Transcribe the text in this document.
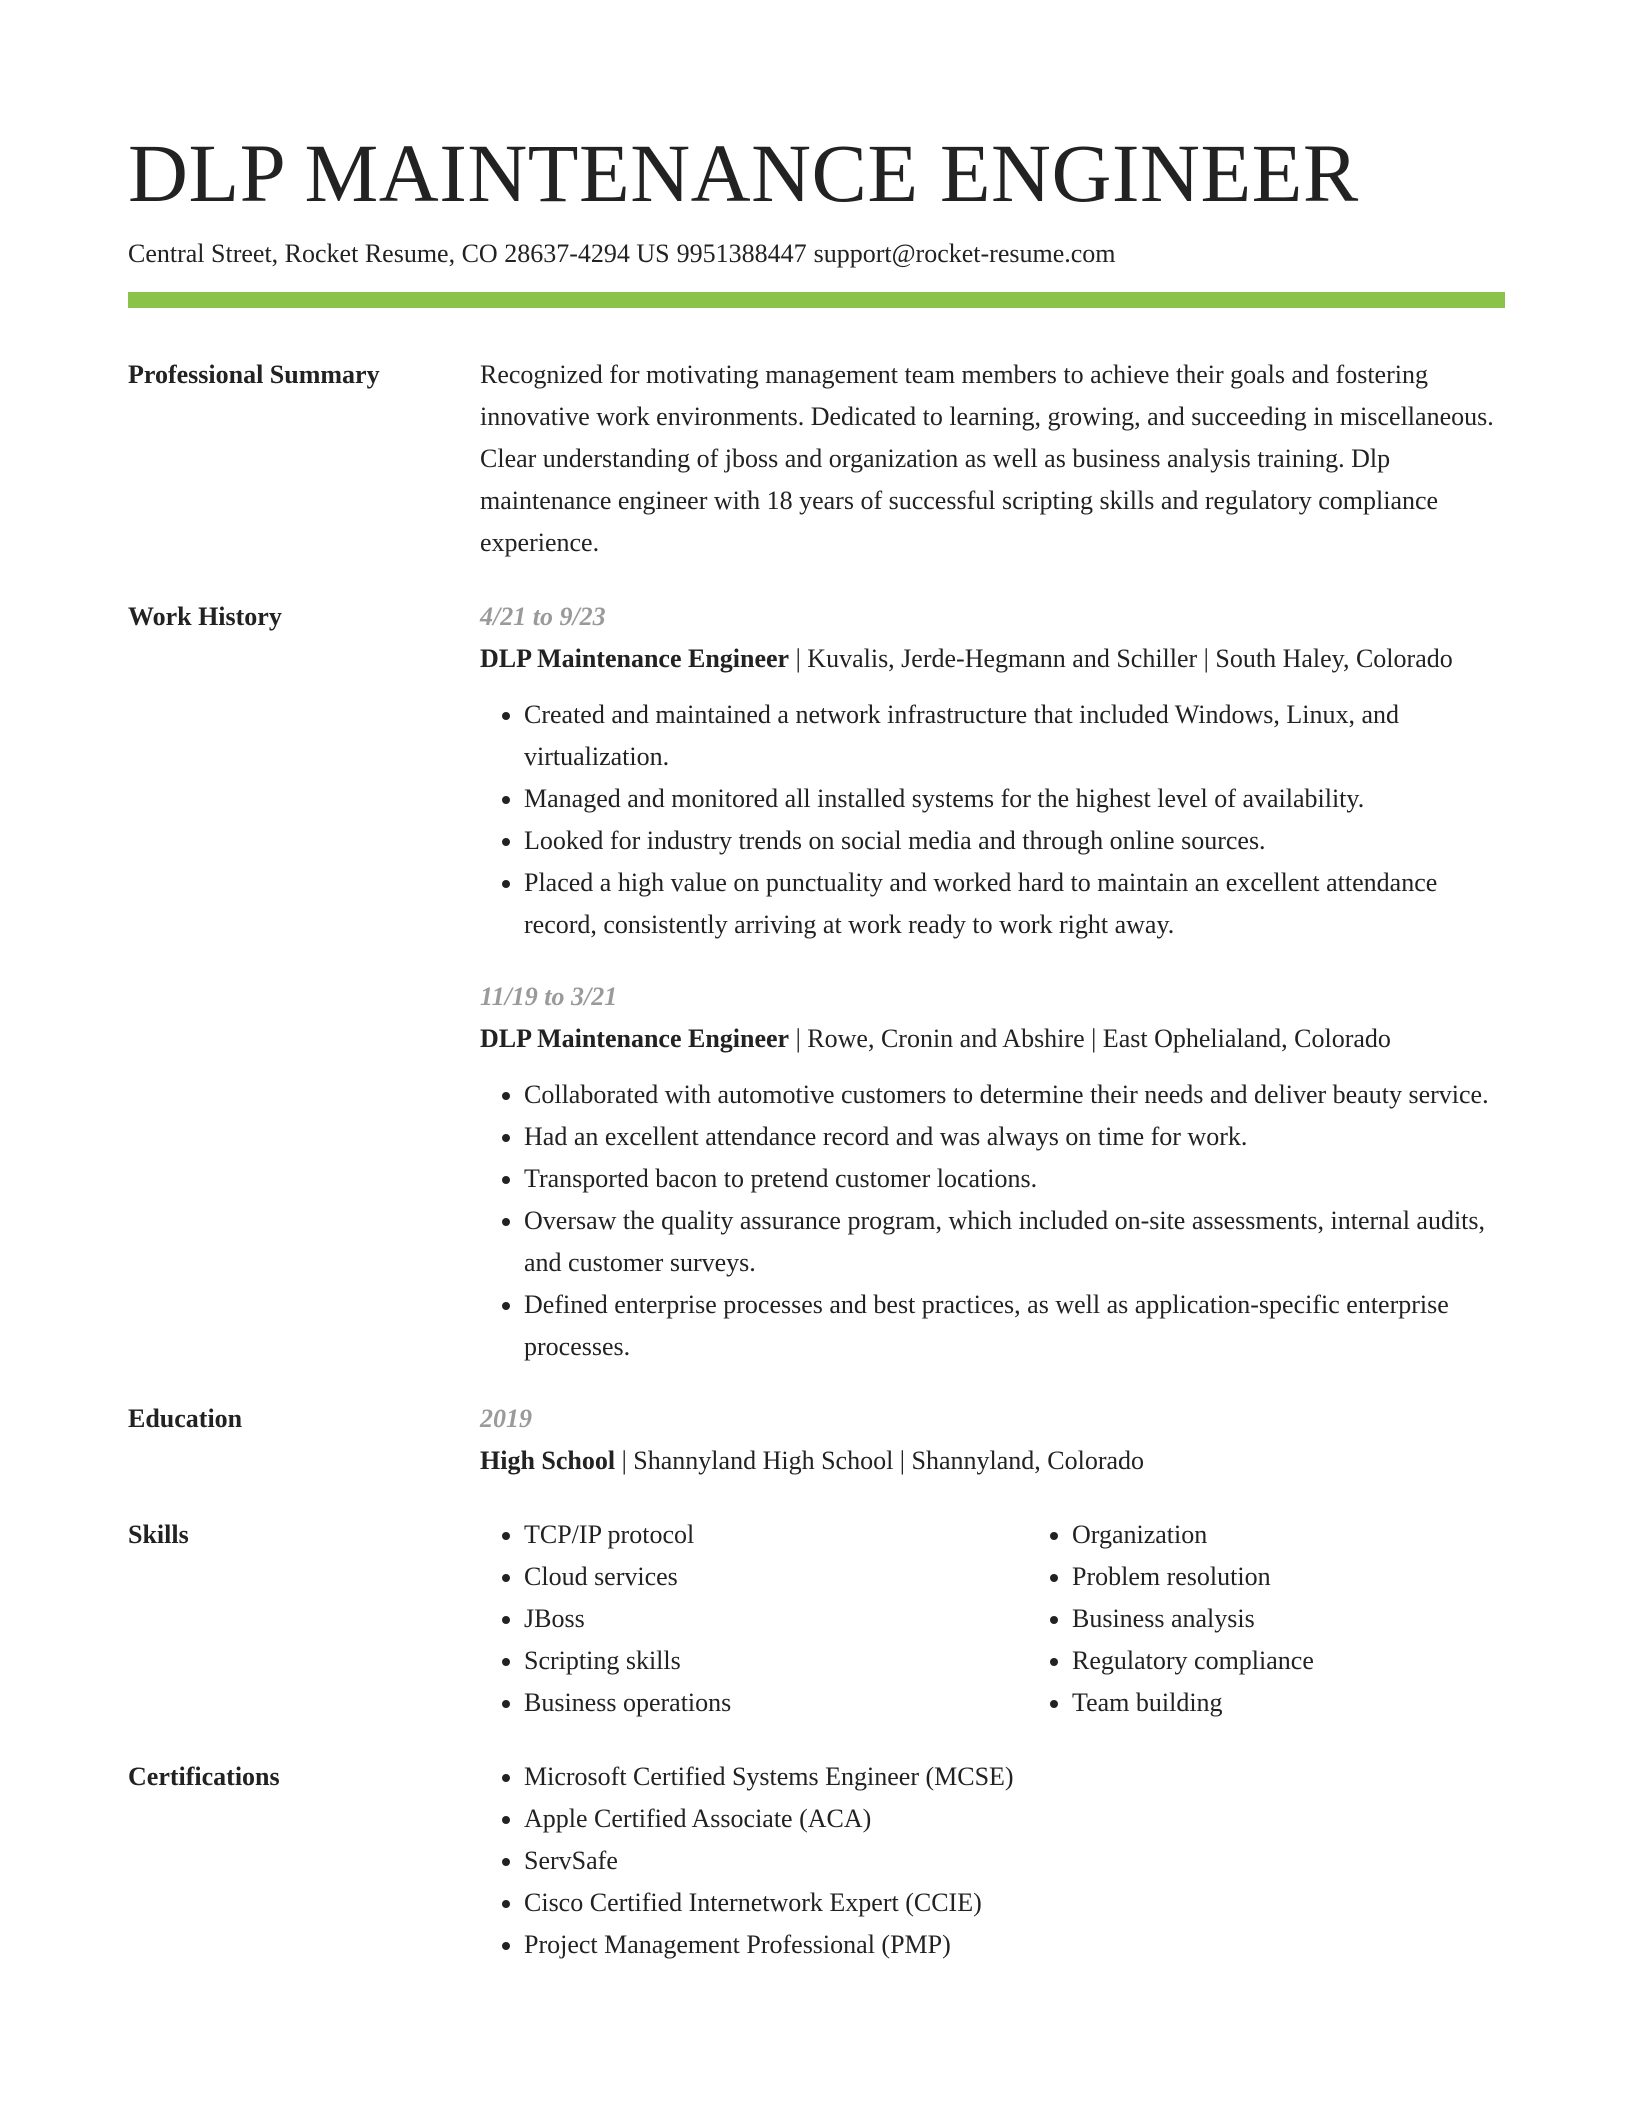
DLP MAINTENANCE ENGINEER
Central Street, Rocket Resume, CO 28637-4294 US 9951388447 support@rocket-resume.com
Professional Summary	Recognized for motivating management team members to achieve their goals and fostering innovative work environments. Dedicated to learning, growing, and succeeding in miscellaneous. Clear understanding of jboss and organization as well as business analysis training. Dlp maintenance engineer with 18 years of successful scripting skills and regulatory compliance experience.
Work History	4/21 to 9/23
DLP Maintenance Engineer | Kuvalis, Jerde-Hegmann and Schiller | South Haley, Colorado
• Created and maintained a network infrastructure that included Windows, Linux, and virtualization.
• Managed and monitored all installed systems for the highest level of availability.
• Looked for industry trends on social media and through online sources.
• Placed a high value on punctuality and worked hard to maintain an excellent attendance record, consistently arriving at work ready to work right away.
11/19 to 3/21
DLP Maintenance Engineer | Rowe, Cronin and Abshire | East Ophelialand, Colorado
• Collaborated with automotive customers to determine their needs and deliver beauty service.
• Had an excellent attendance record and was always on time for work.
• Transported bacon to pretend customer locations.
• Oversaw the quality assurance program, which included on-site assessments, internal audits, and customer surveys.
• Defined enterprise processes and best practices, as well as application-specific enterprise processes.
Education	2019
High School | Shannyland High School | Shannyland, Colorado
Skills	• TCP/IP protocol
• Cloud services
• JBoss
• Scripting skills
• Business operations
• Organization
• Problem resolution
• Business analysis
• Regulatory compliance
• Team building
Certifications	• Microsoft Certified Systems Engineer (MCSE)
• Apple Certified Associate (ACA)
• ServSafe
• Cisco Certified Internetwork Expert (CCIE)
• Project Management Professional (PMP)
